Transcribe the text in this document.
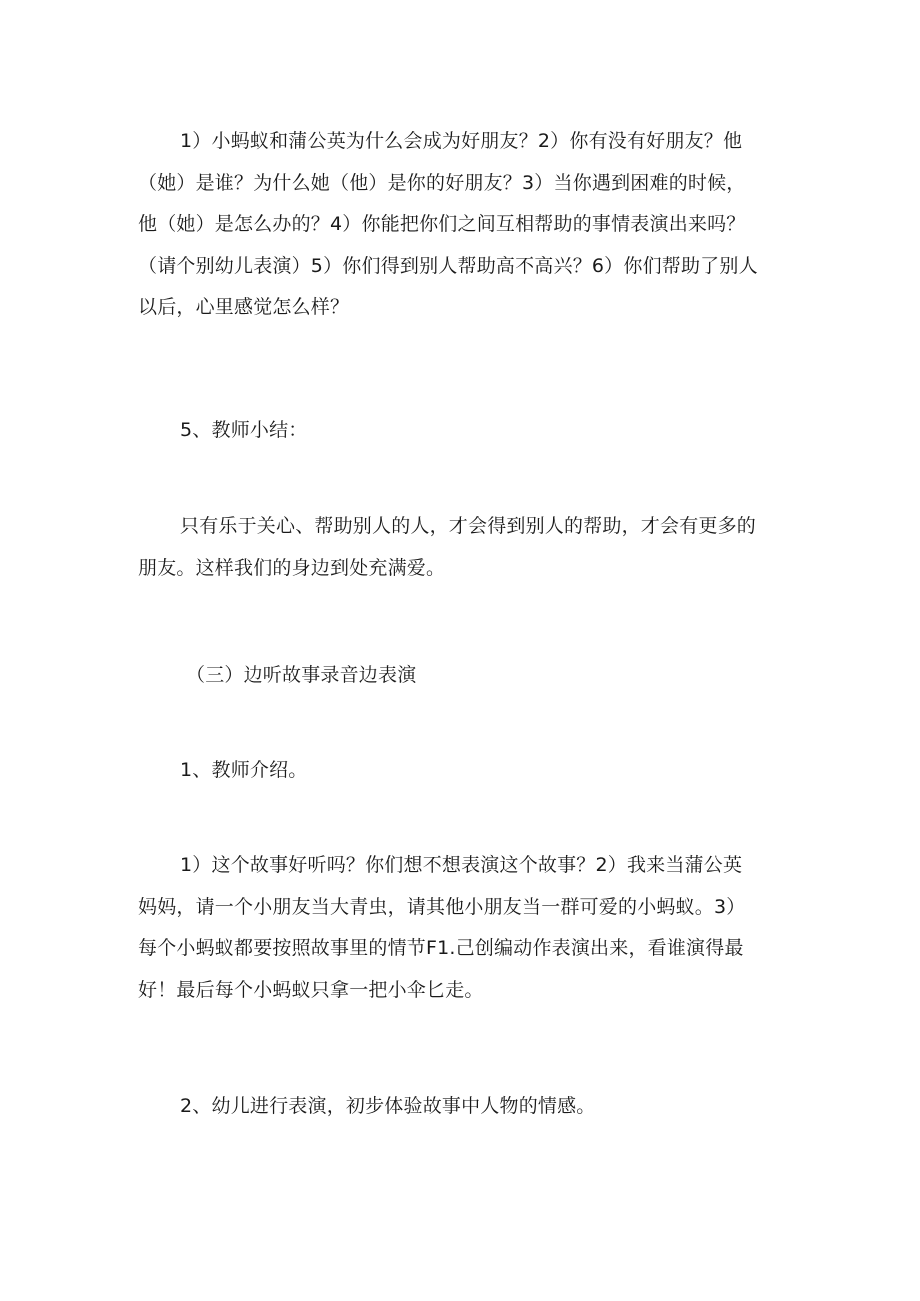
1）小蚂蚁和蒲公英为什么会成为好朋友？2）你有没有好朋友？他
（她）是谁？为什么她（他）是你的好朋友？3）当你遇到困难的时候，
他（她）是怎么办的？4）你能把你们之间互相帮助的事情表演出来吗？
（请个别幼儿表演）5）你们得到别人帮助高不高兴？6）你们帮助了别人
以后，心里感觉怎么样？

5、教师小结：

只有乐于关心、帮助别人的人，才会得到别人的帮助，才会有更多的
朋友。这样我们的身边到处充满爱。

（三）边听故事录音边表演

1、教师介绍。

1）这个故事好听吗？你们想不想表演这个故事？2）我来当蒲公英
妈妈，请一个小朋友当大青虫，请其他小朋友当一群可爱的小蚂蚁。3）
每个小蚂蚁都要按照故事里的情节F1.己创编动作表演出来，看谁演得最
好！最后每个小蚂蚁只拿一把小伞匕走。

2、幼儿进行表演，初步体验故事中人物的情感。
